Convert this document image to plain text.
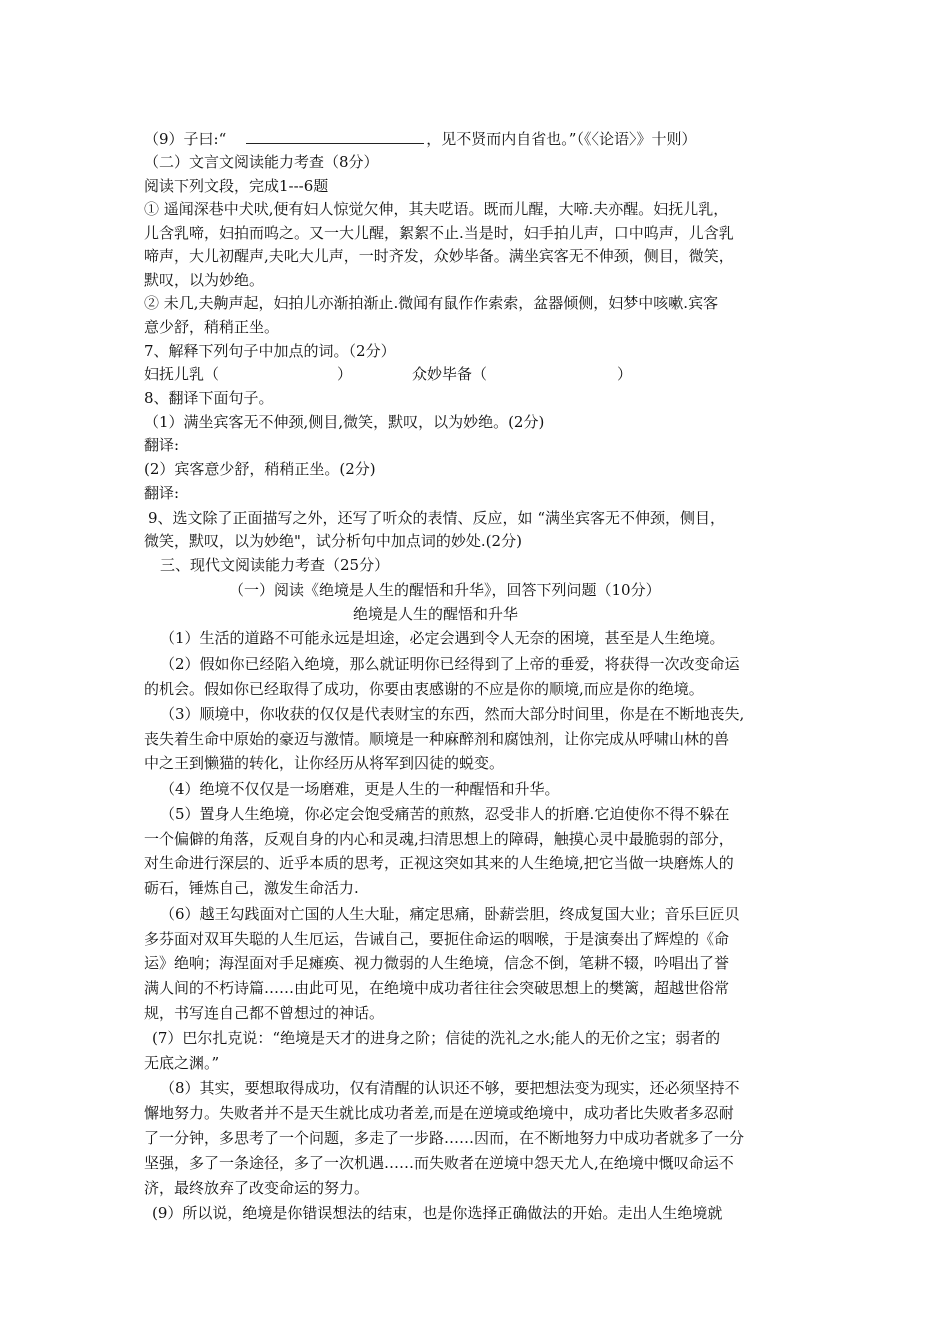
（9）子曰:“	，见不贤而内自省也。”（《〈论语〉》十则）
（二）文言文阅读能力考查（8分）
阅读下列文段，完成1---6题
① 遥闻深巷中犬吠,便有妇人惊觉欠伸，其夫呓语。既而儿醒，大啼.夫亦醒。妇抚儿乳，
儿含乳啼，妇拍而呜之。又一大儿醒，絮絮不止.当是时，妇手拍儿声，口中呜声，儿含乳
啼声，大儿初醒声,夫叱大儿声，一时齐发，众妙毕备。满坐宾客无不伸颈，侧目，微笑，
默叹，以为妙绝。
② 未几,夫齁声起，妇拍儿亦渐拍渐止.微闻有鼠作作索索，盆器倾侧，妇梦中咳嗽.宾客
意少舒，稍稍正坐。
7、解释下列句子中加点的词。（2分）
妇抚儿乳（	）	众妙毕备（	）
8、翻译下面句子。
（1）满坐宾客无不伸颈,侧目,微笑，默叹，以为妙绝。(2分)
翻译:
(2）宾客意少舒，稍稍正坐。(2分)
翻译:
9、选文除了正面描写之外，还写了听众的表情、反应，如 “满坐宾客无不伸颈，侧目，
微笑，默叹，以为妙绝"，试分析句中加点词的妙处.(2分)
三、现代文阅读能力考查（25分）
（一）阅读《绝境是人生的醒悟和升华》，回答下列问题（10分）
绝境是人生的醒悟和升华
（1）生活的道路不可能永远是坦途，必定会遇到令人无奈的困境，甚至是人生绝境。
（2）假如你已经陷入绝境，那么就证明你已经得到了上帝的垂爱，将获得一次改变命运
的机会。假如你已经取得了成功，你要由衷感谢的不应是你的顺境,而应是你的绝境。
（3）顺境中，你收获的仅仅是代表财宝的东西，然而大部分时间里，你是在不断地丧失,
丧失着生命中原始的豪迈与激情。顺境是一种麻醉剂和腐蚀剂，让你完成从呼啸山林的兽
中之王到懒猫的转化，让你经历从将军到囚徒的蜕变。
（4）绝境不仅仅是一场磨难，更是人生的一种醒悟和升华。
（5）置身人生绝境，你必定会饱受痛苦的煎熬，忍受非人的折磨.它迫使你不得不躲在
一个偏僻的角落，反观自身的内心和灵魂,扫清思想上的障碍，触摸心灵中最脆弱的部分，
对生命进行深层的、近乎本质的思考，正视这突如其来的人生绝境,把它当做一块磨炼人的
砺石，锤炼自己，激发生命活力.
（6）越王勾践面对亡国的人生大耻，痛定思痛，卧薪尝胆，终成复国大业；音乐巨匠贝
多芬面对双耳失聪的人生厄运，告诫自己，要扼住命运的咽喉，于是演奏出了辉煌的《命
运》绝响；海涅面对手足瘫痪、视力微弱的人生绝境，信念不倒，笔耕不辍，吟唱出了誉
满人间的不朽诗篇……由此可见，在绝境中成功者往往会突破思想上的樊篱，超越世俗常
规，书写连自己都不曾想过的神话。
(7）巴尔扎克说：“绝境是天才的进身之阶；信徒的洗礼之水;能人的无价之宝；弱者的
无底之渊。”
（8）其实，要想取得成功，仅有清醒的认识还不够，要把想法变为现实，还必须坚持不
懈地努力。失败者并不是天生就比成功者差,而是在逆境或绝境中，成功者比失败者多忍耐
了一分钟，多思考了一个问题，多走了一步路……因而，在不断地努力中成功者就多了一分
坚强，多了一条途径，多了一次机遇……而失败者在逆境中怨天尤人,在绝境中慨叹命运不
济，最终放弃了改变命运的努力。
(9）所以说，绝境是你错误想法的结束，也是你选择正确做法的开始。走出人生绝境就
